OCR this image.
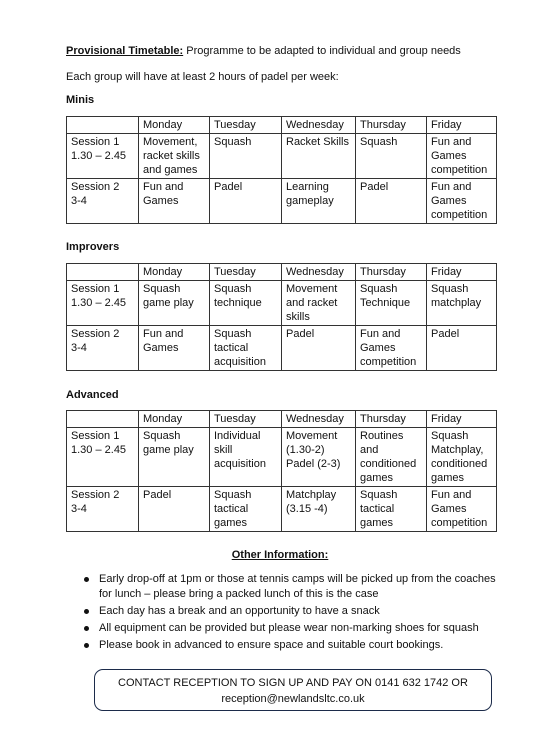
Provisional Timetable: Programme to be adapted to individual and group needs
Each group will have at least 2 hours of padel per week:
Minis
	Monday	Tuesday	Wednesday	Thursday	Friday
Session 1
1.30 – 2.45	Movement, racket skills and games	Squash	Racket Skills	Squash	Fun and Games competition
Session 2
3-4	Fun and Games	Padel	Learning gameplay	Padel	Fun and Games competition
Improvers
	Monday	Tuesday	Wednesday	Thursday	Friday
Session 1
1.30 – 2.45	Squash game play	Squash technique	Movement and racket skills	Squash Technique	Squash matchplay
Session 2
3-4	Fun and Games	Squash tactical acquisition	Padel	Fun and Games competition	Padel
Advanced
	Monday	Tuesday	Wednesday	Thursday	Friday
Session 1
1.30 – 2.45	Squash game play	Individual skill acquisition	Movement (1.30-2) Padel (2-3)	Routines and conditioned games	Squash Matchplay, conditioned games
Session 2
3-4	Padel	Squash tactical games	Matchplay (3.15 -4)	Squash tactical games	Fun and Games competition
Other Information:
Early drop-off at 1pm or those at tennis camps will be picked up from the coaches for lunch – please bring a packed lunch of this is the case
Each day has a break and an opportunity to have a snack
All equipment can be provided but please wear non-marking shoes for squash
Please book in advanced to ensure space and suitable court bookings.
CONTACT RECEPTION TO SIGN UP AND PAY ON 0141 632 1742 OR
reception@newlandsltc.co.uk
